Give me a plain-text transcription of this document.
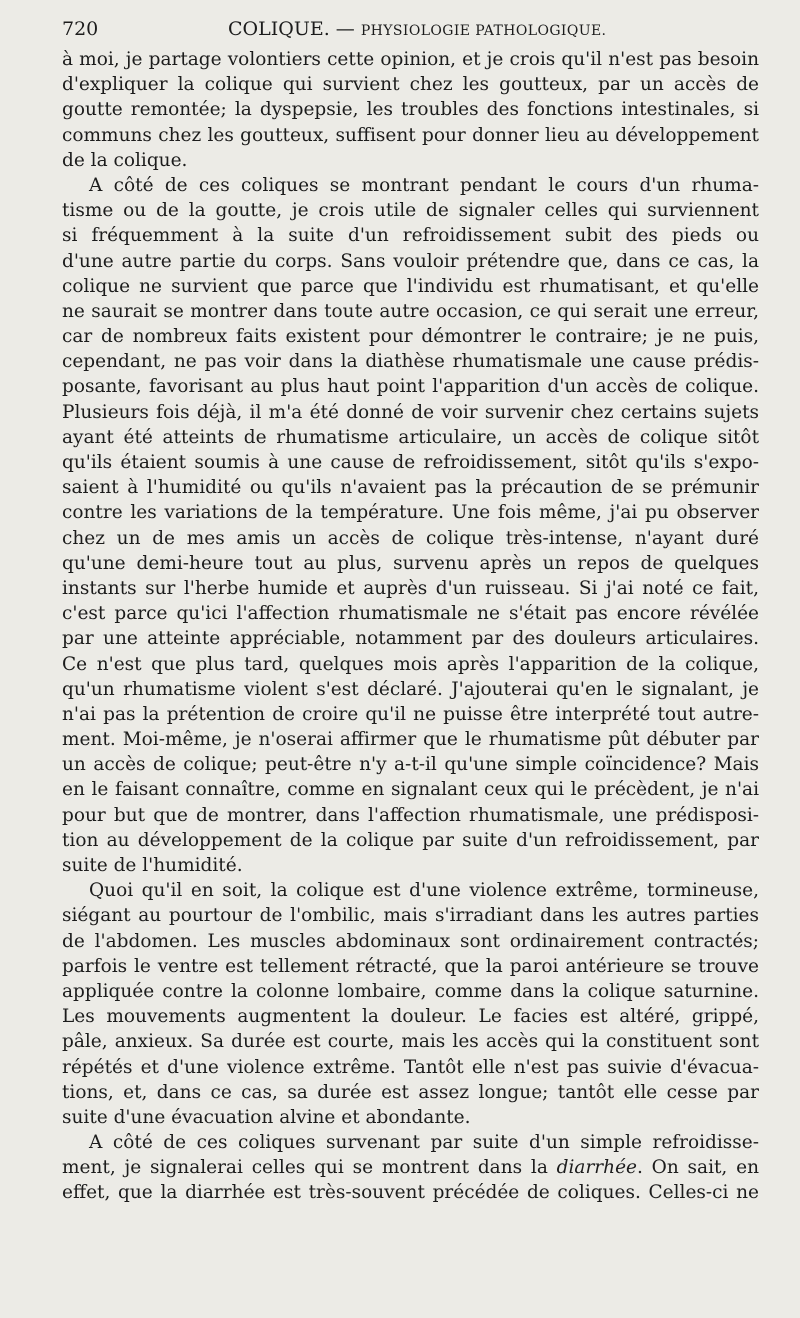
720	COLIQUE. — PHYSIOLOGIE PATHOLOGIQUE.

à moi, je partage volontiers cette opinion, et je crois qu'il n'est pas besoin
d'expliquer la colique qui survient chez les goutteux, par un accès de
goutte remontée; la dyspepsie, les troubles des fonctions intestinales, si
communs chez les goutteux, suffisent pour donner lieu au développement
de la colique.

A côté de ces coliques se montrant pendant le cours d'un rhuma-
tisme ou de la goutte, je crois utile de signaler celles qui surviennent
si fréquemment à la suite d'un refroidissement subit des pieds ou
d'une autre partie du corps. Sans vouloir prétendre que, dans ce cas, la
colique ne survient que parce que l'individu est rhumatisant, et qu'elle
ne saurait se montrer dans toute autre occasion, ce qui serait une erreur,
car de nombreux faits existent pour démontrer le contraire; je ne puis,
cependant, ne pas voir dans la diathèse rhumatismale une cause prédis-
posante, favorisant au plus haut point l'apparition d'un accès de colique.
Plusieurs fois déjà, il m'a été donné de voir survenir chez certains sujets
ayant été atteints de rhumatisme articulaire, un accès de colique sitôt
qu'ils étaient soumis à une cause de refroidissement, sitôt qu'ils s'expo-
saient à l'humidité ou qu'ils n'avaient pas la précaution de se prémunir
contre les variations de la température. Une fois même, j'ai pu observer
chez un de mes amis un accès de colique très-intense, n'ayant duré
qu'une demi-heure tout au plus, survenu après un repos de quelques
instants sur l'herbe humide et auprès d'un ruisseau. Si j'ai noté ce fait,
c'est parce qu'ici l'affection rhumatismale ne s'était pas encore révélée
par une atteinte appréciable, notamment par des douleurs articulaires.
Ce n'est que plus tard, quelques mois après l'apparition de la colique,
qu'un rhumatisme violent s'est déclaré. J'ajouterai qu'en le signalant, je
n'ai pas la prétention de croire qu'il ne puisse être interprété tout autre-
ment. Moi-même, je n'oserai affirmer que le rhumatisme pût débuter par
un accès de colique; peut-être n'y a-t-il qu'une simple coïncidence? Mais
en le faisant connaître, comme en signalant ceux qui le précèdent, je n'ai
pour but que de montrer, dans l'affection rhumatismale, une prédisposi-
tion au développement de la colique par suite d'un refroidissement, par
suite de l'humidité.

Quoi qu'il en soit, la colique est d'une violence extrême, tormineuse,
siégant au pourtour de l'ombilic, mais s'irradiant dans les autres parties
de l'abdomen. Les muscles abdominaux sont ordinairement contractés;
parfois le ventre est tellement rétracté, que la paroi antérieure se trouve
appliquée contre la colonne lombaire, comme dans la colique saturnine.
Les mouvements augmentent la douleur. Le facies est altéré, grippé,
pâle, anxieux. Sa durée est courte, mais les accès qui la constituent sont
répétés et d'une violence extrême. Tantôt elle n'est pas suivie d'évacua-
tions, et, dans ce cas, sa durée est assez longue; tantôt elle cesse par
suite d'une évacuation alvine et abondante.

A côté de ces coliques survenant par suite d'un simple refroidisse-
ment, je signalerai celles qui se montrent dans la diarrhée. On sait, en
effet, que la diarrhée est très-souvent précédée de coliques. Celles-ci ne
